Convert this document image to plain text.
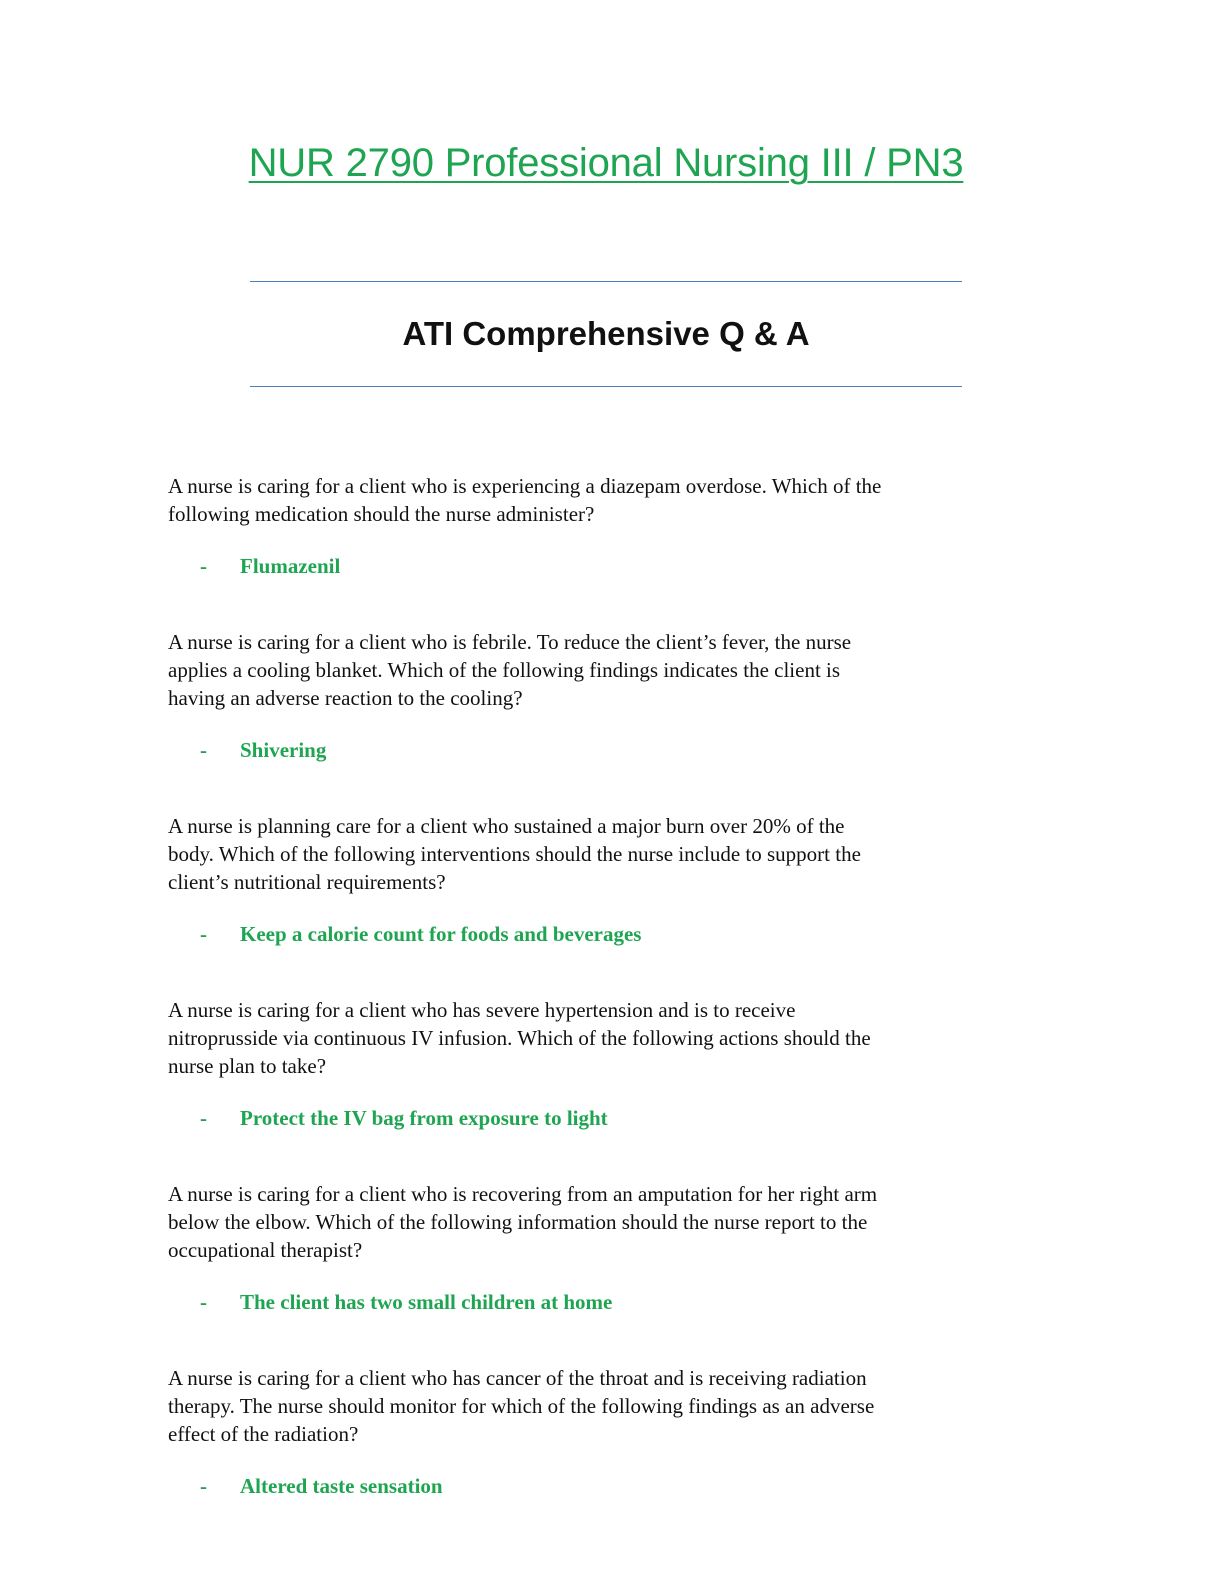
NUR 2790 Professional Nursing III / PN3
ATI Comprehensive Q & A
A nurse is caring for a client who is experiencing a diazepam overdose. Which of the
following medication should the nurse administer?
- Flumazenil
A nurse is caring for a client who is febrile. To reduce the client’s fever, the nurse
applies a cooling blanket. Which of the following findings indicates the client is
having an adverse reaction to the cooling?
- Shivering
A nurse is planning care for a client who sustained a major burn over 20% of the
body. Which of the following interventions should the nurse include to support the
client’s nutritional requirements?
- Keep a calorie count for foods and beverages
A nurse is caring for a client who has severe hypertension and is to receive
nitroprusside via continuous IV infusion. Which of the following actions should the
nurse plan to take?
- Protect the IV bag from exposure to light
A nurse is caring for a client who is recovering from an amputation for her right arm
below the elbow. Which of the following information should the nurse report to the
occupational therapist?
- The client has two small children at home
A nurse is caring for a client who has cancer of the throat and is receiving radiation
therapy. The nurse should monitor for which of the following findings as an adverse
effect of the radiation?
- Altered taste sensation
